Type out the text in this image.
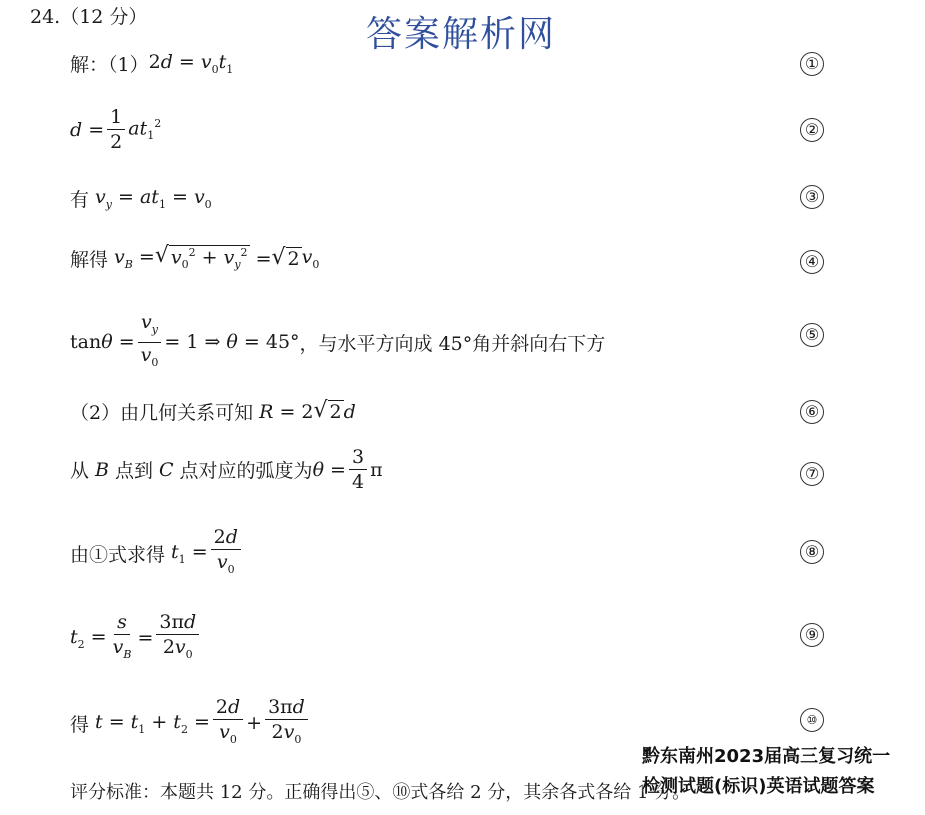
24.（12 分）	答案解析网
解：（1） $2d = v_0t_1$	①
$d = \frac{1}{2} at_1^2$	②
有 $v_y = at_1 = v_0$	③
解得 $v_B$ = √ $v_0^2 + v_y^2$ = √ 2 $v_0$	④
$\tan\theta = \frac{v_y}{v_0} = 1$ ⇒ θ = 45° ，与水平方向成 45°角并斜向右下方	⑤
（2）由几何关系可知 R = 2 √ 2 d	⑥
从 B 点到 C 点对应的弧度为 $\theta = \frac{3}{4}$ π	⑦
由①式求得 $t_1 = \frac{2d}{v_0}$	⑧
$t_2 = \frac{s}{v_B} = \frac{3\pi d}{2v_0}$	⑨
得 $t = t_1 + t_2 = \frac{2d}{v_0} + \frac{3\pi d}{2v_0}$	⑩
评分标准：本题共 12 分。正确得出⑤、⑩式各给 2 分，其余各式各给 1 分。
黔东南州2023届高三复习统一
检测试题(标识)英语试题答案
